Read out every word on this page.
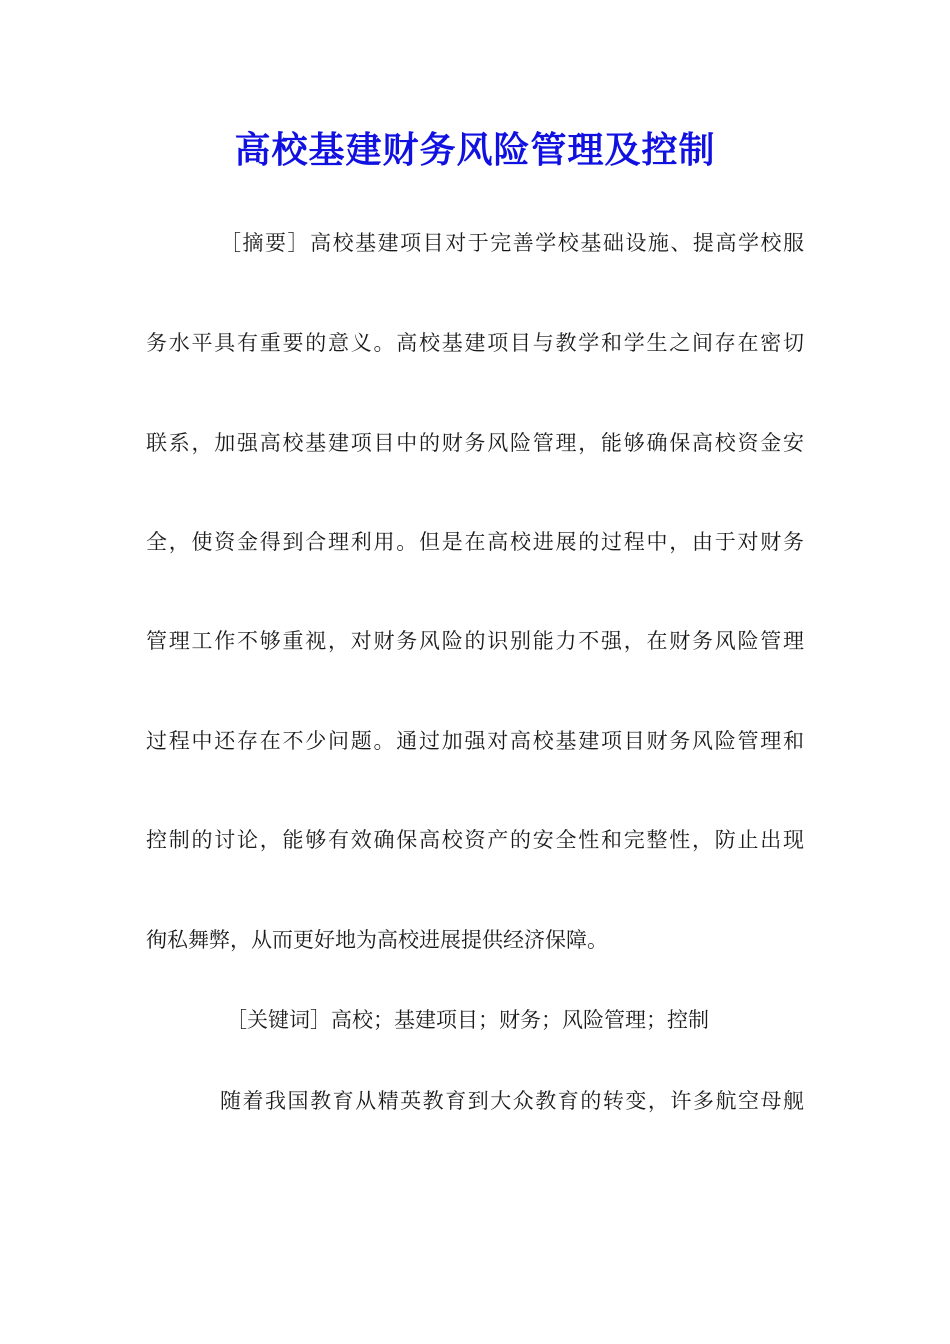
高校基建财务风险管理及控制

［摘要］高校基建项目对于完善学校基础设施、提高学校服

务水平具有重要的意义。高校基建项目与教学和学生之间存在密切

联系，加强高校基建项目中的财务风险管理，能够确保高校资金安

全，使资金得到合理利用。但是在高校进展的过程中，由于对财务

管理工作不够重视，对财务风险的识别能力不强，在财务风险管理

过程中还存在不少问题。通过加强对高校基建项目财务风险管理和

控制的讨论，能够有效确保高校资产的安全性和完整性，防止出现

徇私舞弊，从而更好地为高校进展提供经济保障。

［关键词］高校；基建项目；财务；风险管理；控制

随着我国教育从精英教育到大众教育的转变，许多航空母舰
